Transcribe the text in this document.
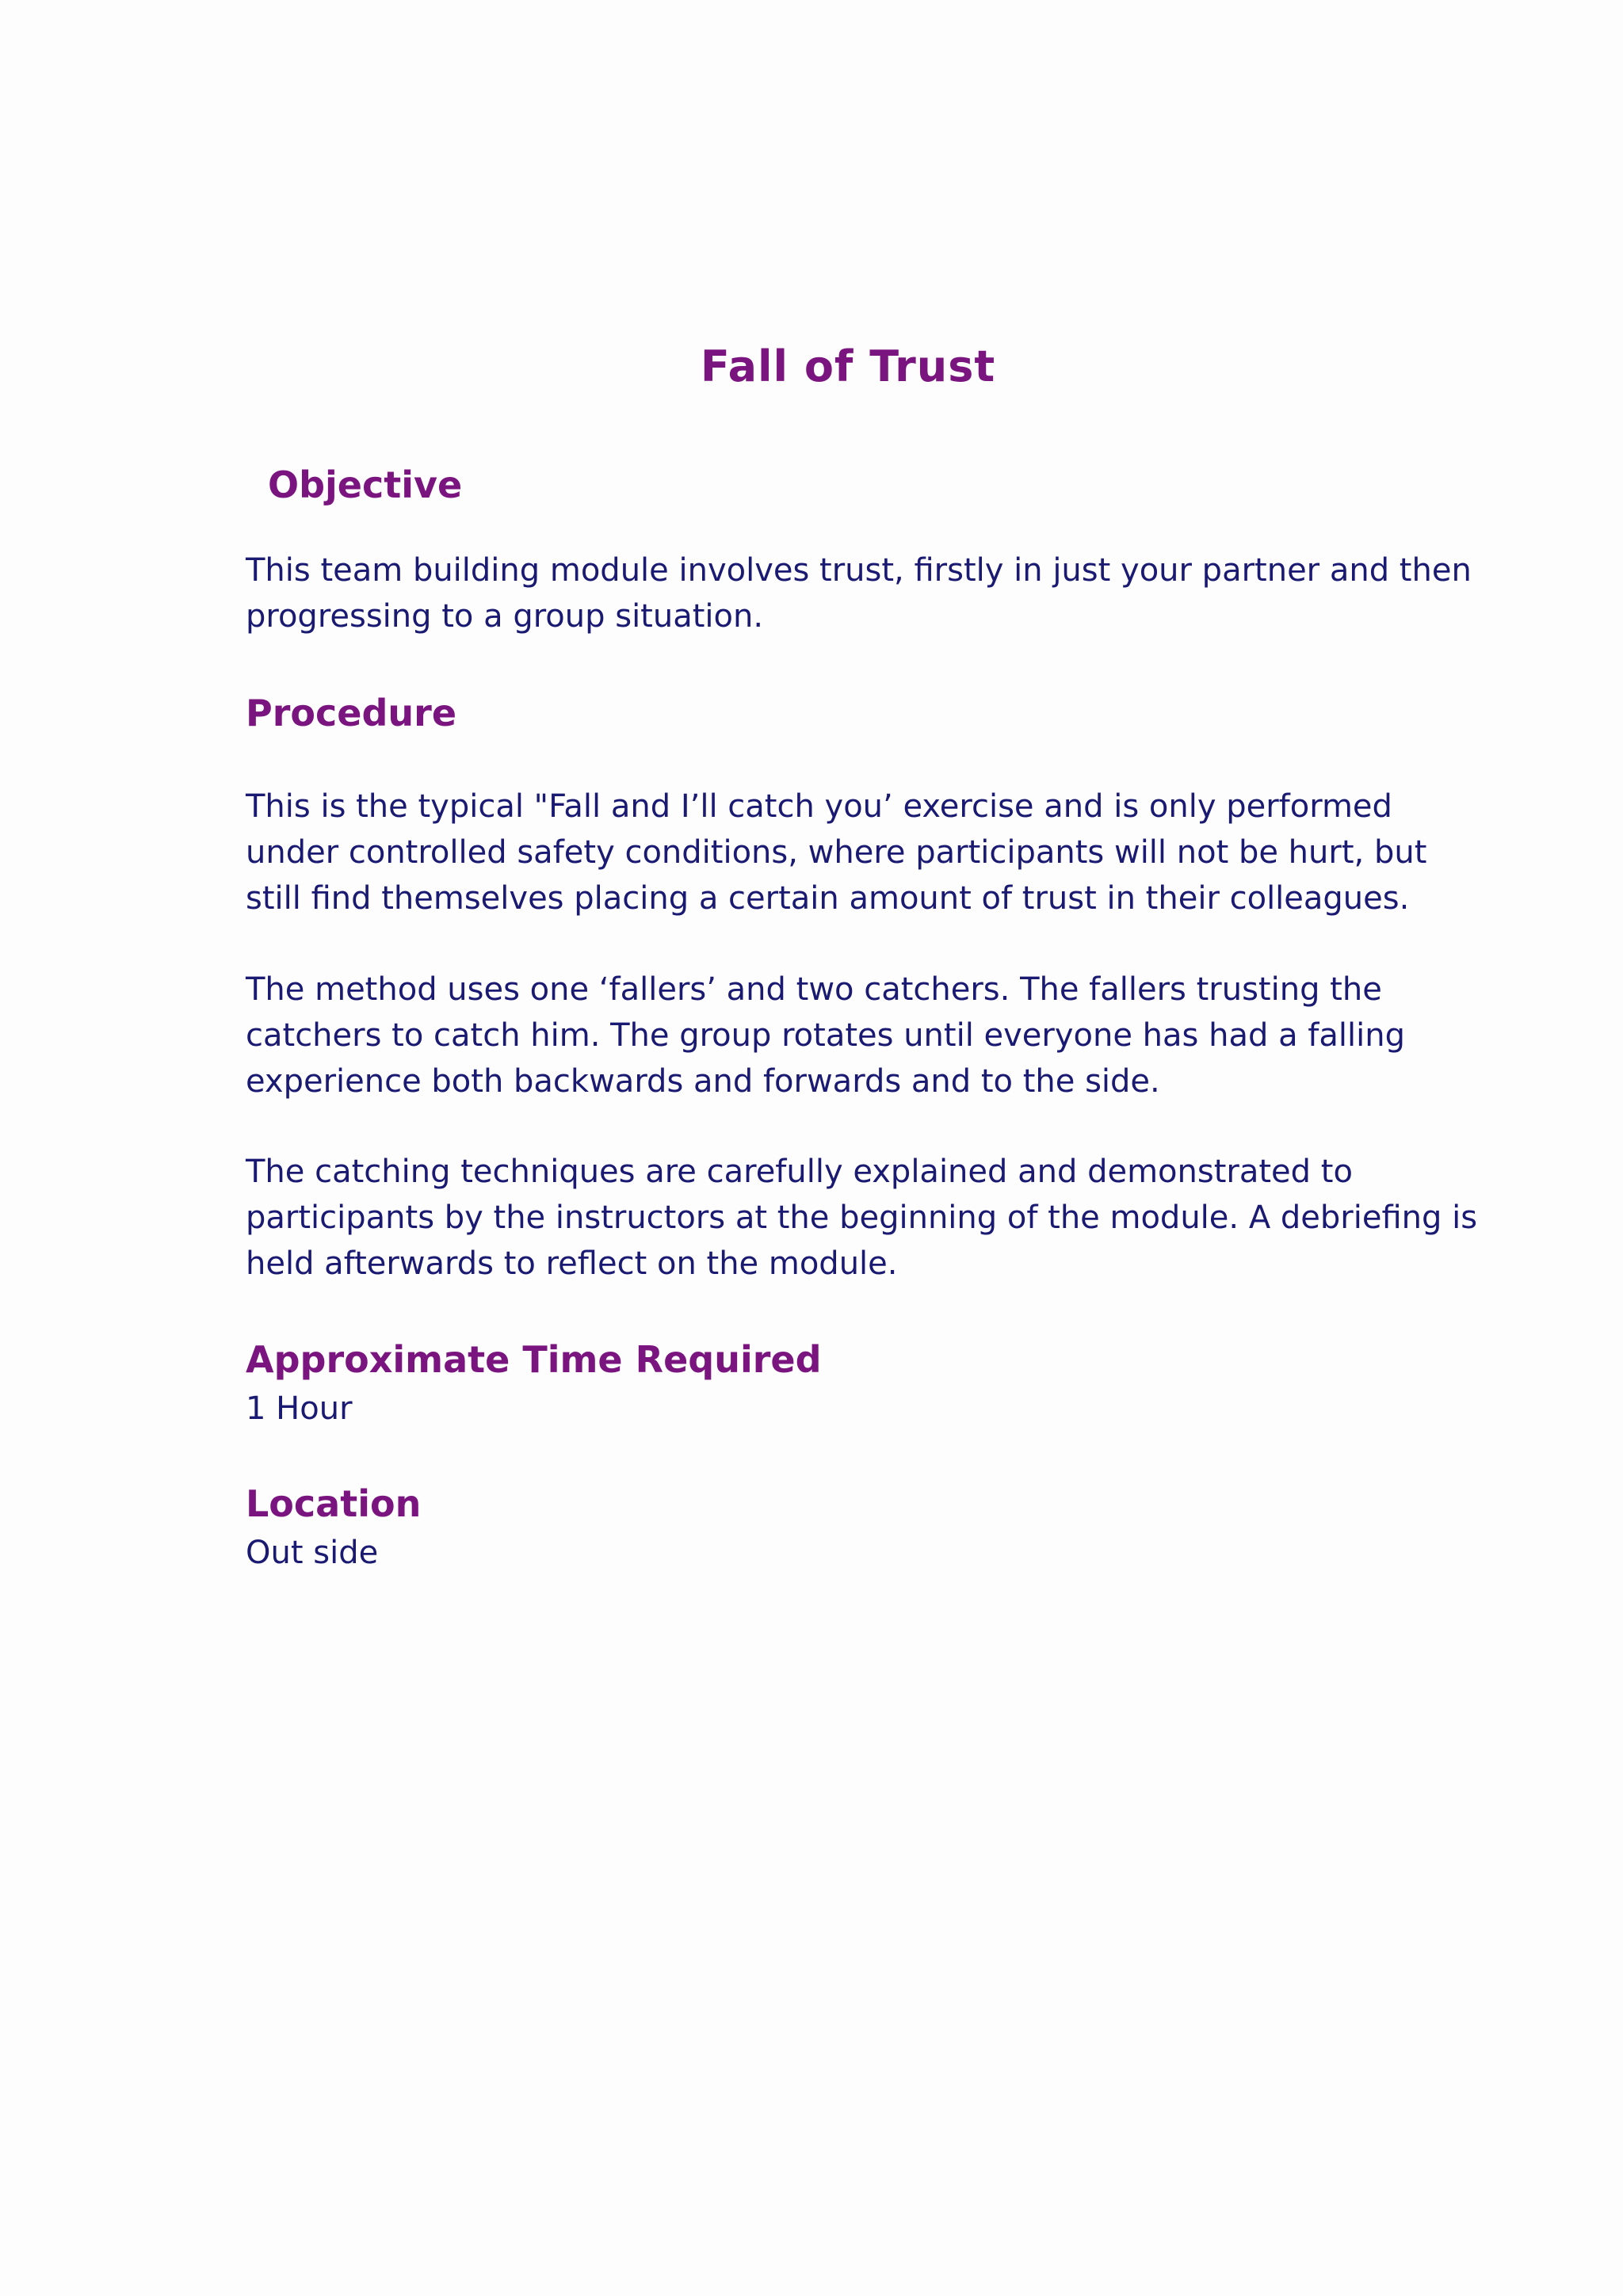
Fall of Trust
Objective
This team building module involves trust, firstly in just your partner and then
progressing to a group situation.
Procedure
This is the typical "Fall and I’ll catch you’ exercise and is only performed
under controlled safety conditions, where participants will not be hurt, but
still find themselves placing a certain amount of trust in their colleagues.
The method uses one ‘fallers’ and two catchers. The fallers trusting the
catchers to catch him. The group rotates until everyone has had a falling
experience both backwards and forwards and to the side.
The catching techniques are carefully explained and demonstrated to
participants by the instructors at the beginning of the module. A debriefing is
held afterwards to reflect on the module.
Approximate Time Required
1 Hour
Location
Out side
